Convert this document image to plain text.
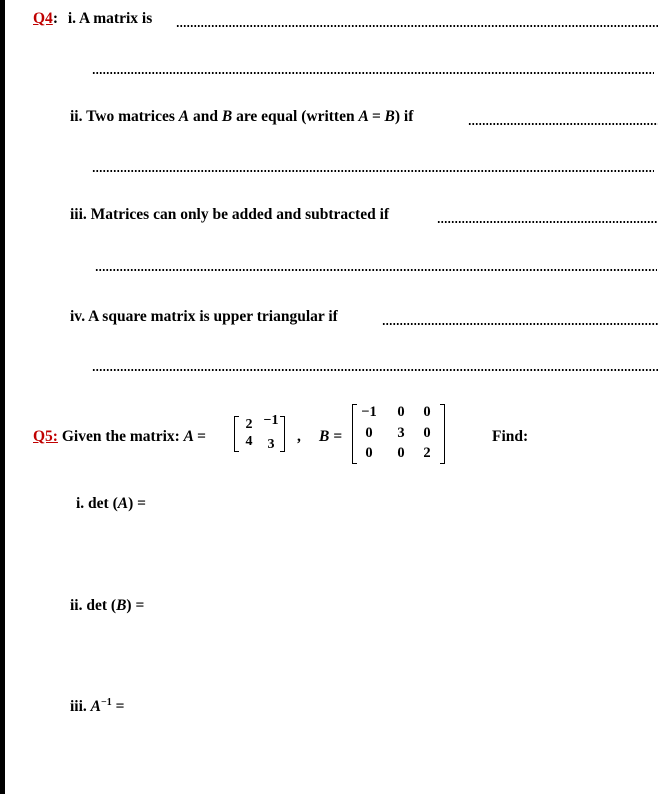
Q4: i. A matrix is
ii. Two matrices A and B are equal (written A = B) if
iii. Matrices can only be added and subtracted if
iv. A square matrix is upper triangular if
Q5: Given the matrix: A =
2 −1
4	3	, B =
−1	0	0
0	3	0
0	0	2
Find:
i. det (A) =
ii. det (B) =
iii. $A^{-1}$ =
